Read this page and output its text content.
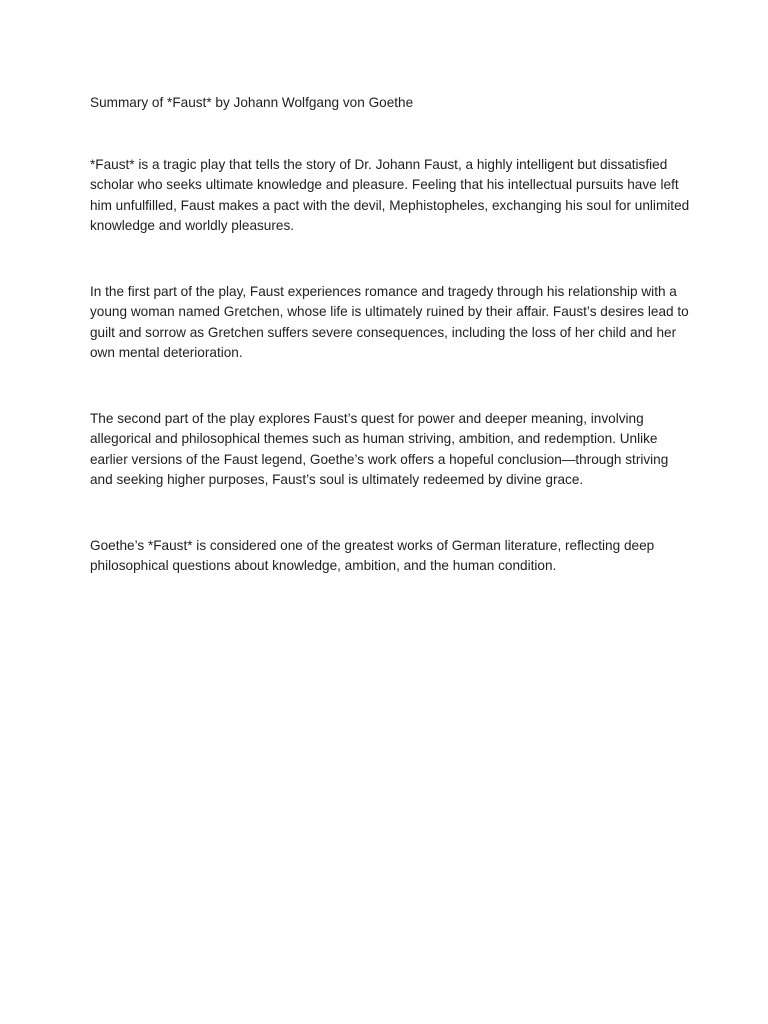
Summary of *Faust* by Johann Wolfgang von Goethe

*Faust* is a tragic play that tells the story of Dr. Johann Faust, a highly intelligent but dissatisfied scholar who seeks ultimate knowledge and pleasure. Feeling that his intellectual pursuits have left him unfulfilled, Faust makes a pact with the devil, Mephistopheles, exchanging his soul for unlimited knowledge and worldly pleasures.

In the first part of the play, Faust experiences romance and tragedy through his relationship with a young woman named Gretchen, whose life is ultimately ruined by their affair. Faust’s desires lead to guilt and sorrow as Gretchen suffers severe consequences, including the loss of her child and her own mental deterioration.

The second part of the play explores Faust’s quest for power and deeper meaning, involving allegorical and philosophical themes such as human striving, ambition, and redemption. Unlike earlier versions of the Faust legend, Goethe’s work offers a hopeful conclusion—through striving and seeking higher purposes, Faust’s soul is ultimately redeemed by divine grace.

Goethe’s *Faust* is considered one of the greatest works of German literature, reflecting deep philosophical questions about knowledge, ambition, and the human condition.
